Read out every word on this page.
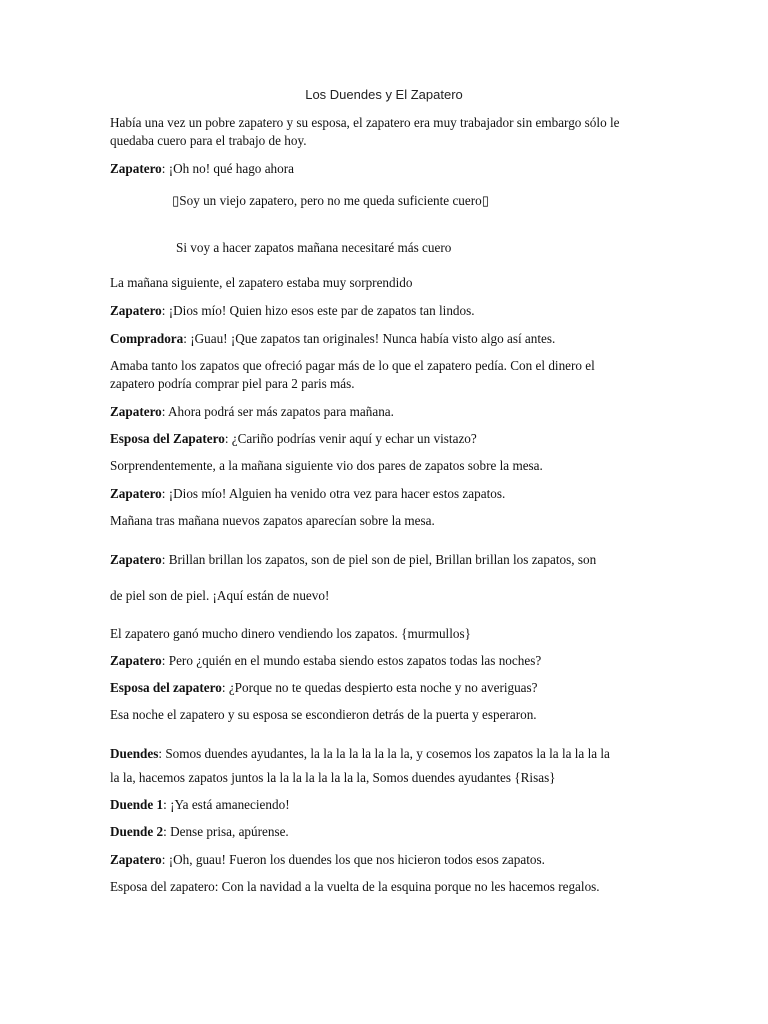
Los Duendes y El Zapatero
Había una vez un pobre zapatero y su esposa, el zapatero era muy trabajador sin embargo sólo le
quedaba cuero para el trabajo de hoy.
Zapatero: ¡Oh no! qué hago ahora
▯Soy un viejo zapatero, pero no me queda suficiente cuero▯
Si voy a hacer zapatos mañana necesitaré más cuero
La mañana siguiente, el zapatero estaba muy sorprendido
Zapatero: ¡Dios mío! Quien hizo esos este par de zapatos tan lindos.
Compradora: ¡Guau! ¡Que zapatos tan originales! Nunca había visto algo así antes.
Amaba tanto los zapatos que ofreció pagar más de lo que el zapatero pedía. Con el dinero el
zapatero podría comprar piel para 2 paris más.
Zapatero: Ahora podrá ser más zapatos para mañana.
Esposa del Zapatero: ¿Cariño podrías venir aquí y echar un vistazo?
Sorprendentemente, a la mañana siguiente vio dos pares de zapatos sobre la mesa.
Zapatero: ¡Dios mío! Alguien ha venido otra vez para hacer estos zapatos.
Mañana tras mañana nuevos zapatos aparecían sobre la mesa.
Zapatero: Brillan brillan los zapatos, son de piel son de piel, Brillan brillan los zapatos, son
de piel son de piel. ¡Aquí están de nuevo!
El zapatero ganó mucho dinero vendiendo los zapatos. {murmullos}
Zapatero: Pero ¿quién en el mundo estaba siendo estos zapatos todas las noches?
Esposa del zapatero: ¿Porque no te quedas despierto esta noche y no averiguas?
Esa noche el zapatero y su esposa se escondieron detrás de la puerta y esperaron.
Duendes: Somos duendes ayudantes, la la la la la la la la, y cosemos los zapatos la la la la la la
la la, hacemos zapatos juntos la la la la la la la la, Somos duendes ayudantes {Risas}
Duende 1: ¡Ya está amaneciendo!
Duende 2: Dense prisa, apúrense.
Zapatero: ¡Oh, guau! Fueron los duendes los que nos hicieron todos esos zapatos.
Esposa del zapatero: Con la navidad a la vuelta de la esquina porque no les hacemos regalos.
